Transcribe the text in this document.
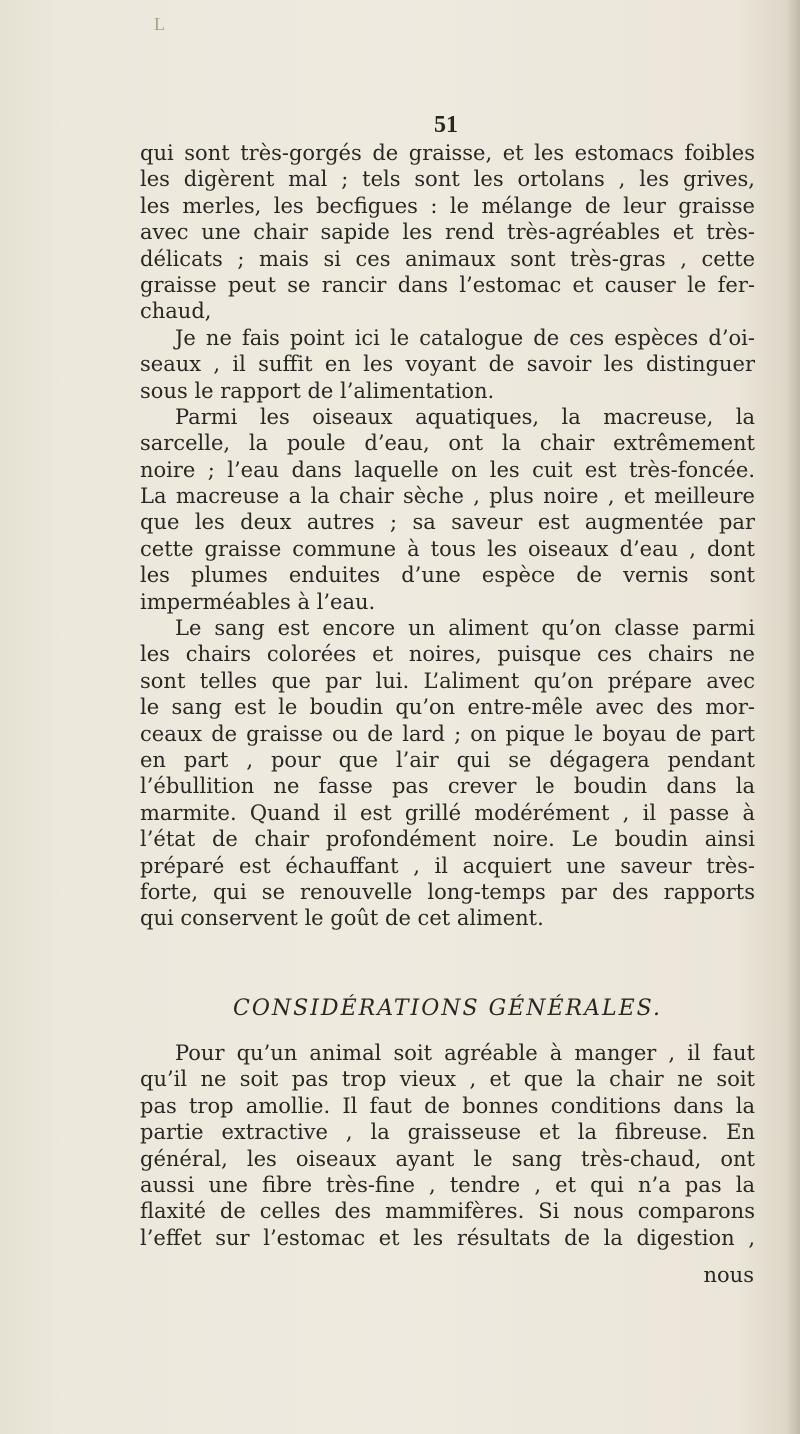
L
51
qui sont très-gorgés de graisse, et les estomacs foibles
les digèrent mal ; tels sont les ortolans , les grives,
les merles, les becfigues : le mélange de leur graisse
avec une chair sapide les rend très-agréables et très-
délicats ; mais si ces animaux sont très-gras , cette
graisse peut se rancir dans l’estomac et causer le fer-
chaud,
Je ne fais point ici le catalogue de ces espèces d’oi-
seaux , il suffit en les voyant de savoir les distinguer
sous le rapport de l’alimentation.
Parmi les oiseaux aquatiques, la macreuse, la
sarcelle, la poule d’eau, ont la chair extrêmement
noire ; l’eau dans laquelle on les cuit est très-foncée.
La macreuse a la chair sèche , plus noire , et meilleure
que les deux autres ; sa saveur est augmentée par
cette graisse commune à tous les oiseaux d’eau , dont
les plumes enduites d’une espèce de vernis sont
imperméables à l’eau.
Le sang est encore un aliment qu’on classe parmi
les chairs colorées et noires, puisque ces chairs ne
sont telles que par lui. L’aliment qu’on prépare avec
le sang est le boudin qu’on entre-mêle avec des mor-
ceaux de graisse ou de lard ; on pique le boyau de part
en part , pour que l’air qui se dégagera pendant
l’ébullition ne fasse pas crever le boudin dans la
marmite. Quand il est grillé modérément , il passe à
l’état de chair profondément noire. Le boudin ainsi
préparé est échauffant , il acquiert une saveur très-
forte, qui se renouvelle long-temps par des rapports
qui conservent le goût de cet aliment.
CONSIDÉRATIONS GÉNÉRALES.
Pour qu’un animal soit agréable à manger , il faut
qu’il ne soit pas trop vieux , et que la chair ne soit
pas trop amollie. Il faut de bonnes conditions dans la
partie extractive , la graisseuse et la fibreuse. En
général, les oiseaux ayant le sang très-chaud, ont
aussi une fibre très-fine , tendre , et qui n’a pas la
flaxité de celles des mammifères. Si nous comparons
l’effet sur l’estomac et les résultats de la digestion ,
nous
